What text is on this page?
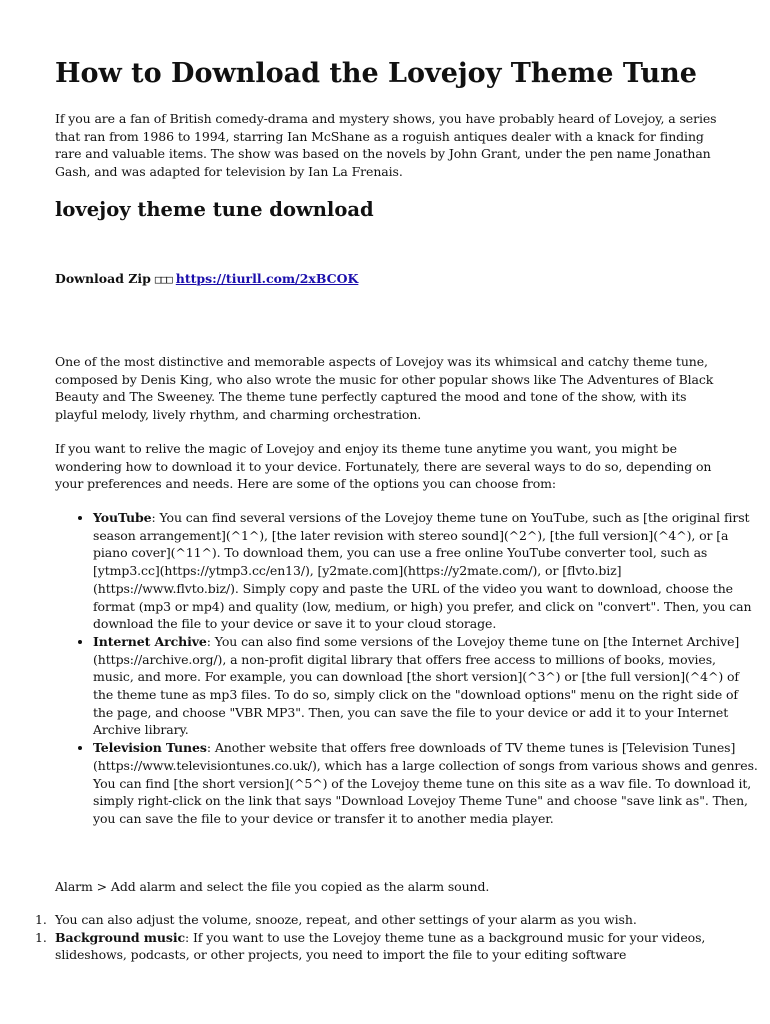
How to Download the Lovejoy Theme Tune

If you are a fan of British comedy-drama and mystery shows, you have probably heard of Lovejoy, a series that ran from 1986 to 1994, starring Ian McShane as a roguish antiques dealer with a knack for finding rare and valuable items. The show was based on the novels by John Grant, under the pen name Jonathan Gash, and was adapted for television by Ian La Frenais.

lovejoy theme tune download

Download Zip □□□ https://tiurll.com/2xBCOK

One of the most distinctive and memorable aspects of Lovejoy was its whimsical and catchy theme tune, composed by Denis King, who also wrote the music for other popular shows like The Adventures of Black Beauty and The Sweeney. The theme tune perfectly captured the mood and tone of the show, with its playful melody, lively rhythm, and charming orchestration.

If you want to relive the magic of Lovejoy and enjoy its theme tune anytime you want, you might be wondering how to download it to your device. Fortunately, there are several ways to do so, depending on your preferences and needs. Here are some of the options you can choose from:

• YouTube: You can find several versions of the Lovejoy theme tune on YouTube, such as [the original first season arrangement](^1^), [the later revision with stereo sound](^2^), [the full version](^4^), or [a piano cover](^11^). To download them, you can use a free online YouTube converter tool, such as [ytmp3.cc](https://ytmp3.cc/en13/), [y2mate.com](https://y2mate.com/), or [flvto.biz](https://www.flvto.biz/). Simply copy and paste the URL of the video you want to download, choose the format (mp3 or mp4) and quality (low, medium, or high) you prefer, and click on "convert". Then, you can download the file to your device or save it to your cloud storage.
• Internet Archive: You can also find some versions of the Lovejoy theme tune on [the Internet Archive](https://archive.org/), a non-profit digital library that offers free access to millions of books, movies, music, and more. For example, you can download [the short version](^3^) or [the full version](^4^) of the theme tune as mp3 files. To do so, simply click on the "download options" menu on the right side of the page, and choose "VBR MP3". Then, you can save the file to your device or add it to your Internet Archive library.
• Television Tunes: Another website that offers free downloads of TV theme tunes is [Television Tunes](https://www.televisiontunes.co.uk/), which has a large collection of songs from various shows and genres. You can find [the short version](^5^) of the Lovejoy theme tune on this site as a wav file. To download it, simply right-click on the link that says "Download Lovejoy Theme Tune" and choose "save link as". Then, you can save the file to your device or transfer it to another media player.

Alarm > Add alarm and select the file you copied as the alarm sound.

1. You can also adjust the volume, snooze, repeat, and other settings of your alarm as you wish.
1. Background music: If you want to use the Lovejoy theme tune as a background music for your videos, slideshows, podcasts, or other projects, you need to import the file to your editing software
